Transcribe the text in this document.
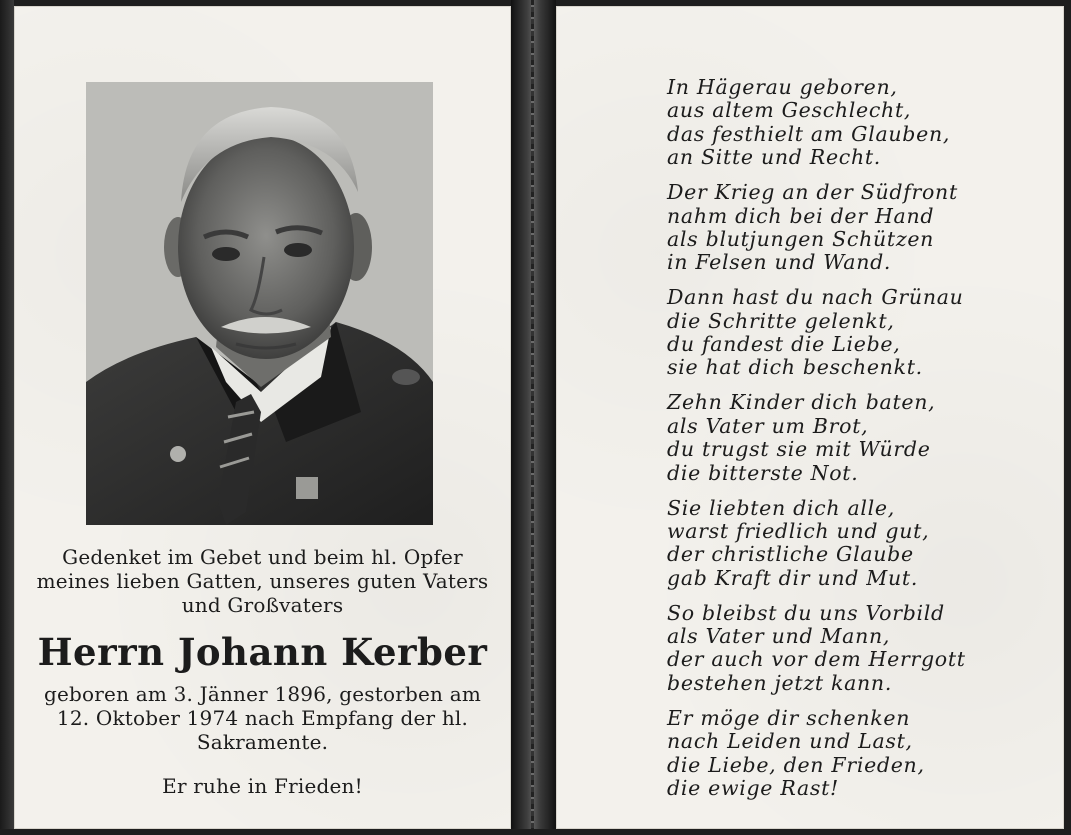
Gedenket im Gebet und beim hl. Opfer
meines lieben Gatten, unseres guten Vaters
und Großvaters
Herrn Johann Kerber
geboren am 3. Jänner 1896, gestorben am
12. Oktober 1974 nach Empfang der hl.
Sakramente.
Er ruhe in Frieden!
In Hägerau geboren,
aus altem Geschlecht,
das festhielt am Glauben,
an Sitte und Recht.
Der Krieg an der Südfront
nahm dich bei der Hand
als blutjungen Schützen
in Felsen und Wand.
Dann hast du nach Grünau
die Schritte gelenkt,
du fandest die Liebe,
sie hat dich beschenkt.
Zehn Kinder dich baten,
als Vater um Brot,
du trugst sie mit Würde
die bitterste Not.
Sie liebten dich alle,
warst friedlich und gut,
der christliche Glaube
gab Kraft dir und Mut.
So bleibst du uns Vorbild
als Vater und Mann,
der auch vor dem Herrgott
bestehen jetzt kann.
Er möge dir schenken
nach Leiden und Last,
die Liebe, den Frieden,
die ewige Rast!
